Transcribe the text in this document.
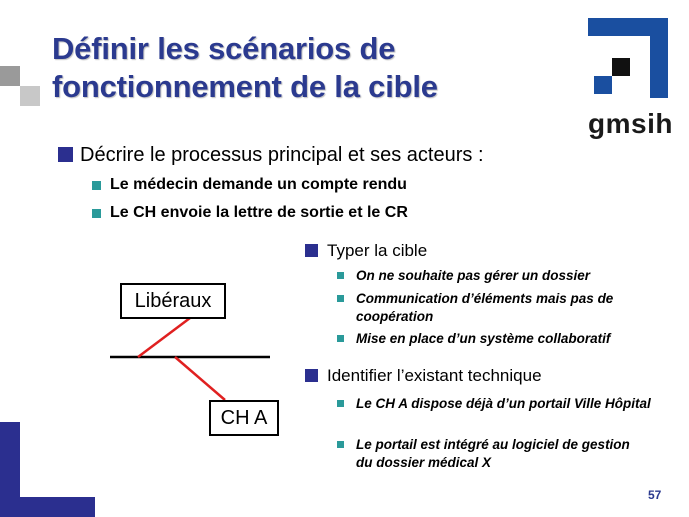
Définir les scénarios de
fonctionnement de la cible
gmsih
Décrire le processus principal et ses acteurs :
Le médecin demande un compte rendu
Le CH envoie la lettre de sortie et le CR
Libéraux
CH A
Typer la cible
On ne souhaite pas gérer un dossier
Communication d’éléments mais pas de coopération
Mise en place d’un système collaboratif
Identifier l’existant technique
Le CH A dispose déjà d’un portail Ville Hôpital
Le portail est intégré au logiciel de gestion du dossier médical X
57
